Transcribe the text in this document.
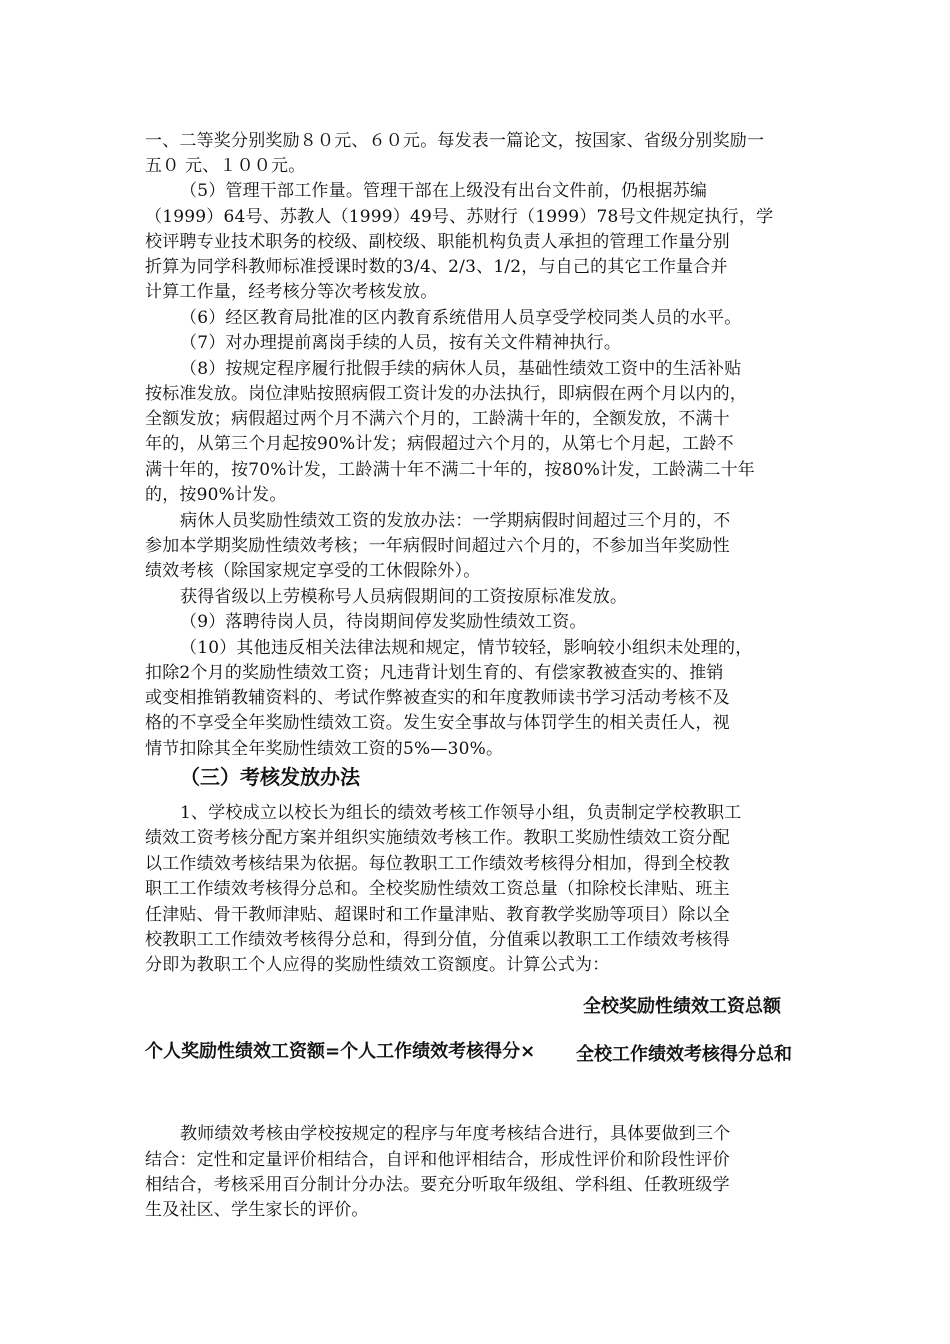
一、二等奖分别奖励８０元、６０元。每发表一篇论文，按国家、省级分别奖励一
五０ 元、１００元。
（5）管理干部工作量。管理干部在上级没有出台文件前，仍根据苏编
（1999）64号、苏教人（1999）49号、苏财行（1999）78号文件规定执行，学
校评聘专业技术职务的校级、副校级、职能机构负责人承担的管理工作量分别
折算为同学科教师标准授课时数的3/4、2/3、1/2，与自己的其它工作量合并
计算工作量，经考核分等次考核发放。
（6）经区教育局批准的区内教育系统借用人员享受学校同类人员的水平。
（7）对办理提前离岗手续的人员，按有关文件精神执行。
（8）按规定程序履行批假手续的病休人员，基础性绩效工资中的生活补贴
按标准发放。岗位津贴按照病假工资计发的办法执行，即病假在两个月以内的，
全额发放；病假超过两个月不满六个月的，工龄满十年的，全额发放，不满十
年的，从第三个月起按90%计发；病假超过六个月的，从第七个月起，工龄不
满十年的，按70%计发，工龄满十年不满二十年的，按80%计发，工龄满二十年
的，按90%计发。
病休人员奖励性绩效工资的发放办法：一学期病假时间超过三个月的，不
参加本学期奖励性绩效考核；一年病假时间超过六个月的，不参加当年奖励性
绩效考核（除国家规定享受的工休假除外）。
获得省级以上劳模称号人员病假期间的工资按原标准发放。
（9）落聘待岗人员，待岗期间停发奖励性绩效工资。
（10）其他违反相关法律法规和规定，情节较轻，影响较小组织未处理的，
扣除2个月的奖励性绩效工资；凡违背计划生育的、有偿家教被查实的、推销
或变相推销教辅资料的、考试作弊被查实的和年度教师读书学习活动考核不及
格的不享受全年奖励性绩效工资。发生安全事故与体罚学生的相关责任人，视
情节扣除其全年奖励性绩效工资的5%—30%。
（三）考核发放办法
1、学校成立以校长为组长的绩效考核工作领导小组，负责制定学校教职工
绩效工资考核分配方案并组织实施绩效考核工作。教职工奖励性绩效工资分配
以工作绩效考核结果为依据。每位教职工工作绩效考核得分相加，得到全校教
职工工作绩效考核得分总和。全校奖励性绩效工资总量（扣除校长津贴、班主
任津贴、骨干教师津贴、超课时和工作量津贴、教育教学奖励等项目）除以全
校教职工工作绩效考核得分总和，得到分值，分值乘以教职工工作绩效考核得
分即为教职工个人应得的奖励性绩效工资额度。计算公式为：
全校奖励性绩效工资总额
个人奖励性绩效工资额=个人工作绩效考核得分× 全校工作绩效考核得分总和
教师绩效考核由学校按规定的程序与年度考核结合进行，具体要做到三个
结合：定性和定量评价相结合，自评和他评相结合，形成性评价和阶段性评价
相结合，考核采用百分制计分办法。要充分听取年级组、学科组、任教班级学
生及社区、学生家长的评价。
